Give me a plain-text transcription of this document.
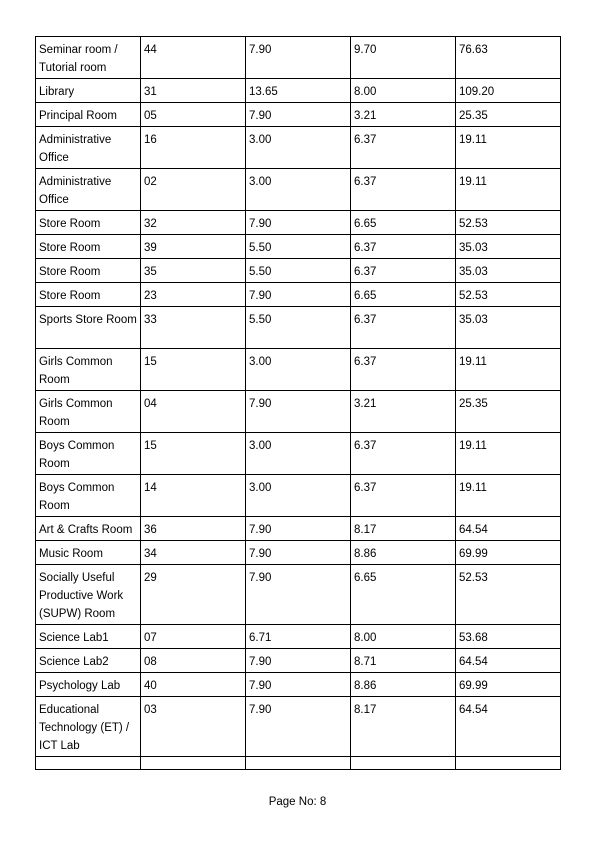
Seminar room / Tutorial room	44	7.90	9.70	76.63
Library	31	13.65	8.00	109.20
Principal Room	05	7.90	3.21	25.35
Administrative Office	16	3.00	6.37	19.11
Administrative Office	02	3.00	6.37	19.11
Store Room	32	7.90	6.65	52.53
Store Room	39	5.50	6.37	35.03
Store Room	35	5.50	6.37	35.03
Store Room	23	7.90	6.65	52.53
Sports Store Room	33	5.50	6.37	35.03
Girls Common Room	15	3.00	6.37	19.11
Girls Common Room	04	7.90	3.21	25.35
Boys Common Room	15	3.00	6.37	19.11
Boys Common Room	14	3.00	6.37	19.11
Art & Crafts Room	36	7.90	8.17	64.54
Music Room	34	7.90	8.86	69.99
Socially Useful Productive Work (SUPW) Room	29	7.90	6.65	52.53
Science Lab1	07	6.71	8.00	53.68
Science Lab2	08	7.90	8.71	64.54
Psychology Lab	40	7.90	8.86	69.99
Educational Technology (ET) / ICT Lab	03	7.90	8.17	64.54

Page No: 8
